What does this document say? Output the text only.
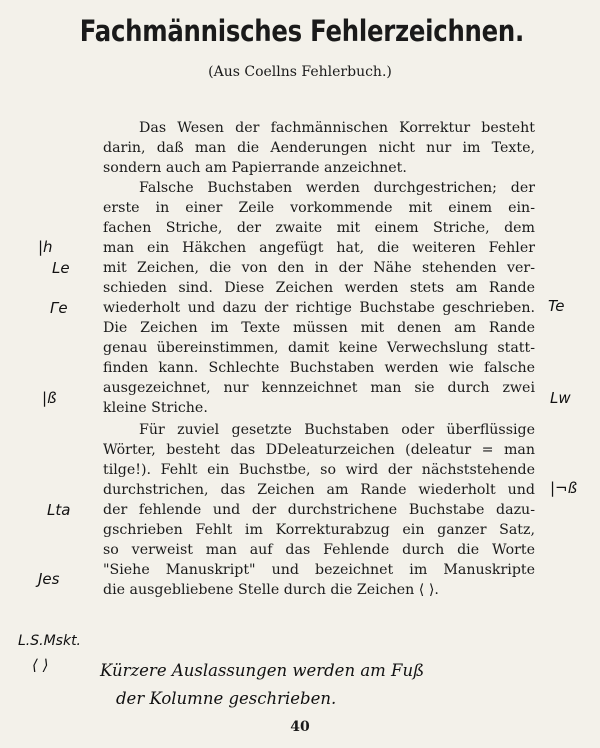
Fachmännisches Fehlerzeichnen.
(Aus Coellns Fehlerbuch.)
Das Wesen der fachmännischen Korrektur besteht
darin, daß man die Aenderungen nicht nur im Texte,
sondern auch am Papierrande anzeichnet.
Falsche Buchstaben werden durchgestrichen; der
erste in einer Zeile vorkommende mit einem ein-
fachen Striche, der zwaite mit einem Striche, dem
man ein Häkchen angefügt hat, die weiteren Fehler
mit Zeichen, die von den in der Nähe stehenden ver-
schieden sind. Diese Zeichen werden stets am Rande
wiederholt und dazu der richtige Buchstabe geschrieben.
Die Zeichen im Texte müssen mit denen am Rande
genau übereinstimmen, damit keine Verwechslung statt-
finden kann. Schlechte Buchstaben werden wie falsche
ausgezeichnet, nur kennzeichnet man sie durch zwei
kleine Striche.
Für zuviel gesetzte Buchstaben oder überflüssige
Wörter, besteht das DDeleaturzeichen (deleatur = man
tilge!). Fehlt ein Buchstbe, so wird der nächststehende
durchstrichen, das Zeichen am Rande wiederholt und
der fehlende und der durchstrichene Buchstabe dazu-
gschrieben Fehlt im Korrekturabzug ein ganzer Satz,
so verweist man auf das Fehlende durch die Worte
"Siehe Manuskript" und bezeichnet im Manuskripte
die ausgebliebene Stelle durch die Zeichen ⟨ ⟩.
|h
Le
Γe	Te
|ß	Lw
|¬ß
Lta
Jes
L.S.Mskt.
⟨ ⟩	Kürzere Auslassungen werden am Fuß
der Kolumne geschrieben.
40
